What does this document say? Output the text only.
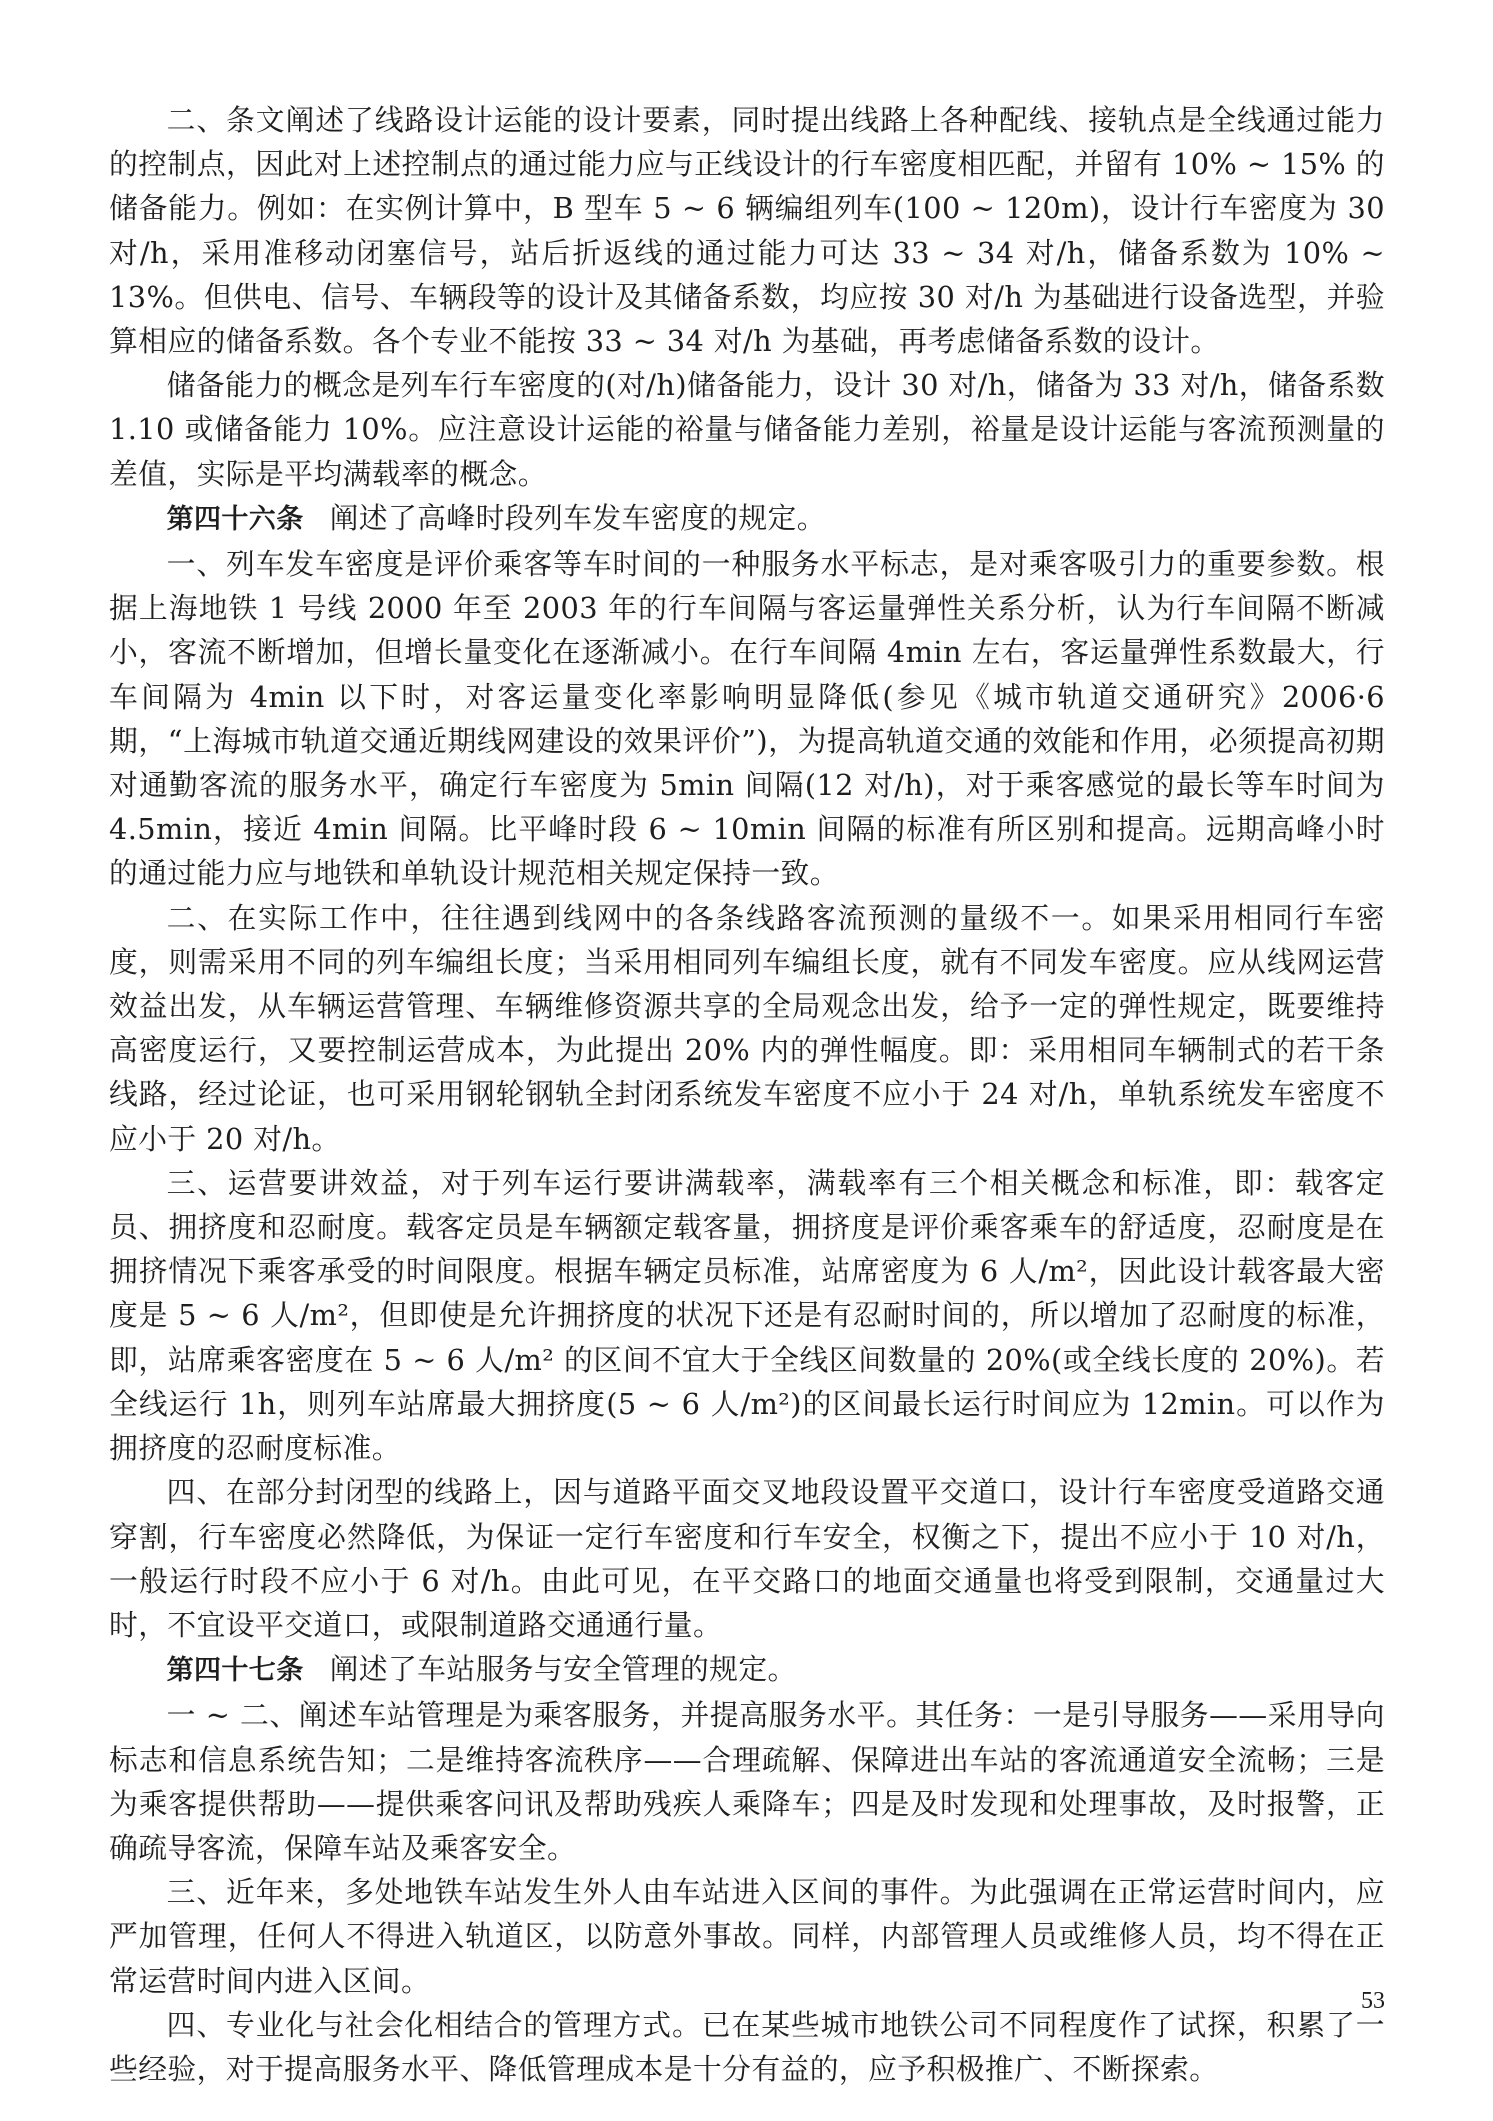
二、条文阐述了线路设计运能的设计要素，同时提出线路上各种配线、接轨点是全线通过能力的控制点，因此对上述控制点的通过能力应与正线设计的行车密度相匹配，并留有 10% ~ 15% 的储备能力。例如：在实例计算中，B 型车 5 ~ 6 辆编组列车(100 ~ 120m)，设计行车密度为 30 对/h，采用准移动闭塞信号，站后折返线的通过能力可达 33 ~ 34 对/h，储备系数为 10% ~ 13%。但供电、信号、车辆段等的设计及其储备系数，均应按 30 对/h 为基础进行设备选型，并验算相应的储备系数。各个专业不能按 33 ~ 34 对/h 为基础，再考虑储备系数的设计。

储备能力的概念是列车行车密度的(对/h)储备能力，设计 30 对/h，储备为 33 对/h，储备系数 1.10 或储备能力 10%。应注意设计运能的裕量与储备能力差别，裕量是设计运能与客流预测量的差值，实际是平均满载率的概念。

第四十六条 阐述了高峰时段列车发车密度的规定。

一、列车发车密度是评价乘客等车时间的一种服务水平标志，是对乘客吸引力的重要参数。根据上海地铁 1 号线 2000 年至 2003 年的行车间隔与客运量弹性关系分析，认为行车间隔不断减小，客流不断增加，但增长量变化在逐渐减小。在行车间隔 4min 左右，客运量弹性系数最大，行车间隔为 4min 以下时，对客运量变化率影响明显降低(参见《城市轨道交通研究》2006·6 期，“上海城市轨道交通近期线网建设的效果评价”)，为提高轨道交通的效能和作用，必须提高初期对通勤客流的服务水平，确定行车密度为 5min 间隔(12 对/h)，对于乘客感觉的最长等车时间为 4.5min，接近 4min 间隔。比平峰时段 6 ~ 10min 间隔的标准有所区别和提高。远期高峰小时的通过能力应与地铁和单轨设计规范相关规定保持一致。

二、在实际工作中，往往遇到线网中的各条线路客流预测的量级不一。如果采用相同行车密度，则需采用不同的列车编组长度；当采用相同列车编组长度，就有不同发车密度。应从线网运营效益出发，从车辆运营管理、车辆维修资源共享的全局观念出发，给予一定的弹性规定，既要维持高密度运行，又要控制运营成本，为此提出 20% 内的弹性幅度。即：采用相同车辆制式的若干条线路，经过论证，也可采用钢轮钢轨全封闭系统发车密度不应小于 24 对/h，单轨系统发车密度不应小于 20 对/h。

三、运营要讲效益，对于列车运行要讲满载率，满载率有三个相关概念和标准，即：载客定员、拥挤度和忍耐度。载客定员是车辆额定载客量，拥挤度是评价乘客乘车的舒适度，忍耐度是在拥挤情况下乘客承受的时间限度。根据车辆定员标准，站席密度为 6 人/m²，因此设计载客最大密度是 5 ~ 6 人/m²，但即使是允许拥挤度的状况下还是有忍耐时间的，所以增加了忍耐度的标准，即，站席乘客密度在 5 ~ 6 人/m² 的区间不宜大于全线区间数量的 20%(或全线长度的 20%)。若全线运行 1h，则列车站席最大拥挤度(5 ~ 6 人/m²)的区间最长运行时间应为 12min。可以作为拥挤度的忍耐度标准。

四、在部分封闭型的线路上，因与道路平面交叉地段设置平交道口，设计行车密度受道路交通穿割，行车密度必然降低，为保证一定行车密度和行车安全，权衡之下，提出不应小于 10 对/h，一般运行时段不应小于 6 对/h。由此可见，在平交路口的地面交通量也将受到限制，交通量过大时，不宜设平交道口，或限制道路交通通行量。

第四十七条 阐述了车站服务与安全管理的规定。

一 ~ 二、阐述车站管理是为乘客服务，并提高服务水平。其任务：一是引导服务——采用导向标志和信息系统告知；二是维持客流秩序——合理疏解、保障进出车站的客流通道安全流畅；三是为乘客提供帮助——提供乘客问讯及帮助残疾人乘降车；四是及时发现和处理事故，及时报警，正确疏导客流，保障车站及乘客安全。

三、近年来，多处地铁车站发生外人由车站进入区间的事件。为此强调在正常运营时间内，应严加管理，任何人不得进入轨道区，以防意外事故。同样，内部管理人员或维修人员，均不得在正常运营时间内进入区间。

四、专业化与社会化相结合的管理方式。已在某些城市地铁公司不同程度作了试探，积累了一些经验，对于提高服务水平、降低管理成本是十分有益的，应予积极推广、不断探索。

53
